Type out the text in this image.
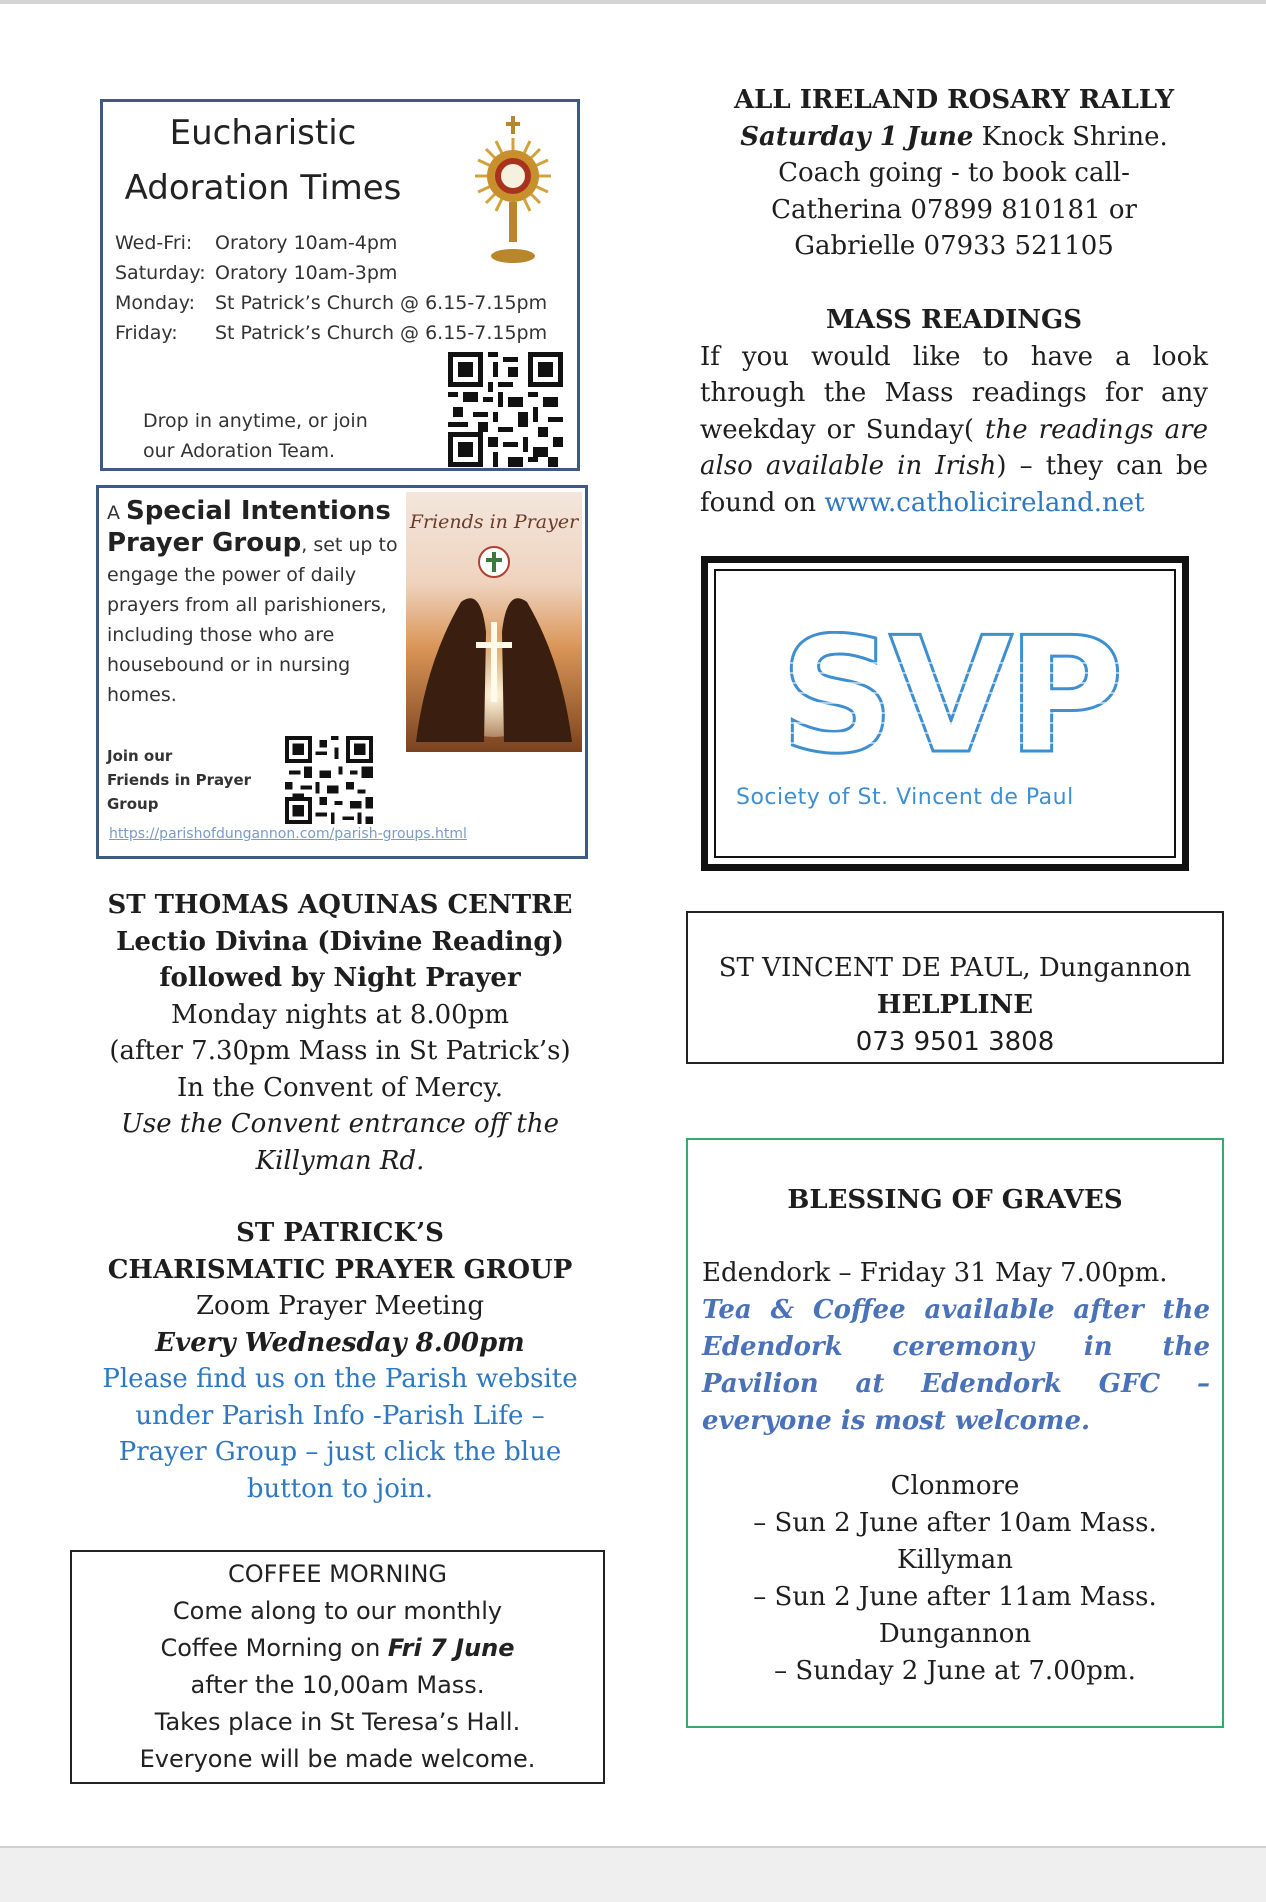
Eucharistic
Adoration Times
Wed-Fri: Oratory 10am-4pm
Saturday: Oratory 10am-3pm
Monday: St Patrick’s Church @ 6.15-7.15pm
Friday: St Patrick’s Church @ 6.15-7.15pm
Drop in anytime, or join
our Adoration Team.
A Special Intentions Prayer Group, set up to engage the power of daily prayers from all parishioners, including those who are housebound or in nursing homes.
Friends in Prayer
Join our
Friends in Prayer
Group
https://parishofdungannon.com/parish-groups.html
ST THOMAS AQUINAS CENTRE
Lectio Divina (Divine Reading)
followed by Night Prayer
Monday nights at 8.00pm
(after 7.30pm Mass in St Patrick’s)
In the Convent of Mercy.
Use the Convent entrance off the
Killyman Rd.
ST PATRICK’S
CHARISMATIC PRAYER GROUP
Zoom Prayer Meeting
Every Wednesday 8.00pm
Please find us on the Parish website
under Parish Info -Parish Life –
Prayer Group – just click the blue
button to join.
COFFEE MORNING
Come along to our monthly
Coffee Morning on Fri 7 June
after the 10,00am Mass.
Takes place in St Teresa’s Hall.
Everyone will be made welcome.
ALL IRELAND ROSARY RALLY
Saturday 1 June Knock Shrine.
Coach going - to book call-
Catherina 07899 810181 or
Gabrielle 07933 521105
MASS READINGS
If you would like to have a look through the Mass readings for any weekday or Sunday( the readings are also available in Irish) – they can be found on www.catholicireland.net
SVP
Society of St. Vincent de Paul
ST VINCENT DE PAUL, Dungannon
HELPLINE
073 9501 3808
BLESSING OF GRAVES
Edendork – Friday 31 May 7.00pm.
Tea & Coffee available after the Edendork ceremony in the Pavilion at Edendork GFC – everyone is most welcome.
Clonmore
– Sun 2 June after 10am Mass.
Killyman
– Sun 2 June after 11am Mass.
Dungannon
– Sunday 2 June at 7.00pm.
